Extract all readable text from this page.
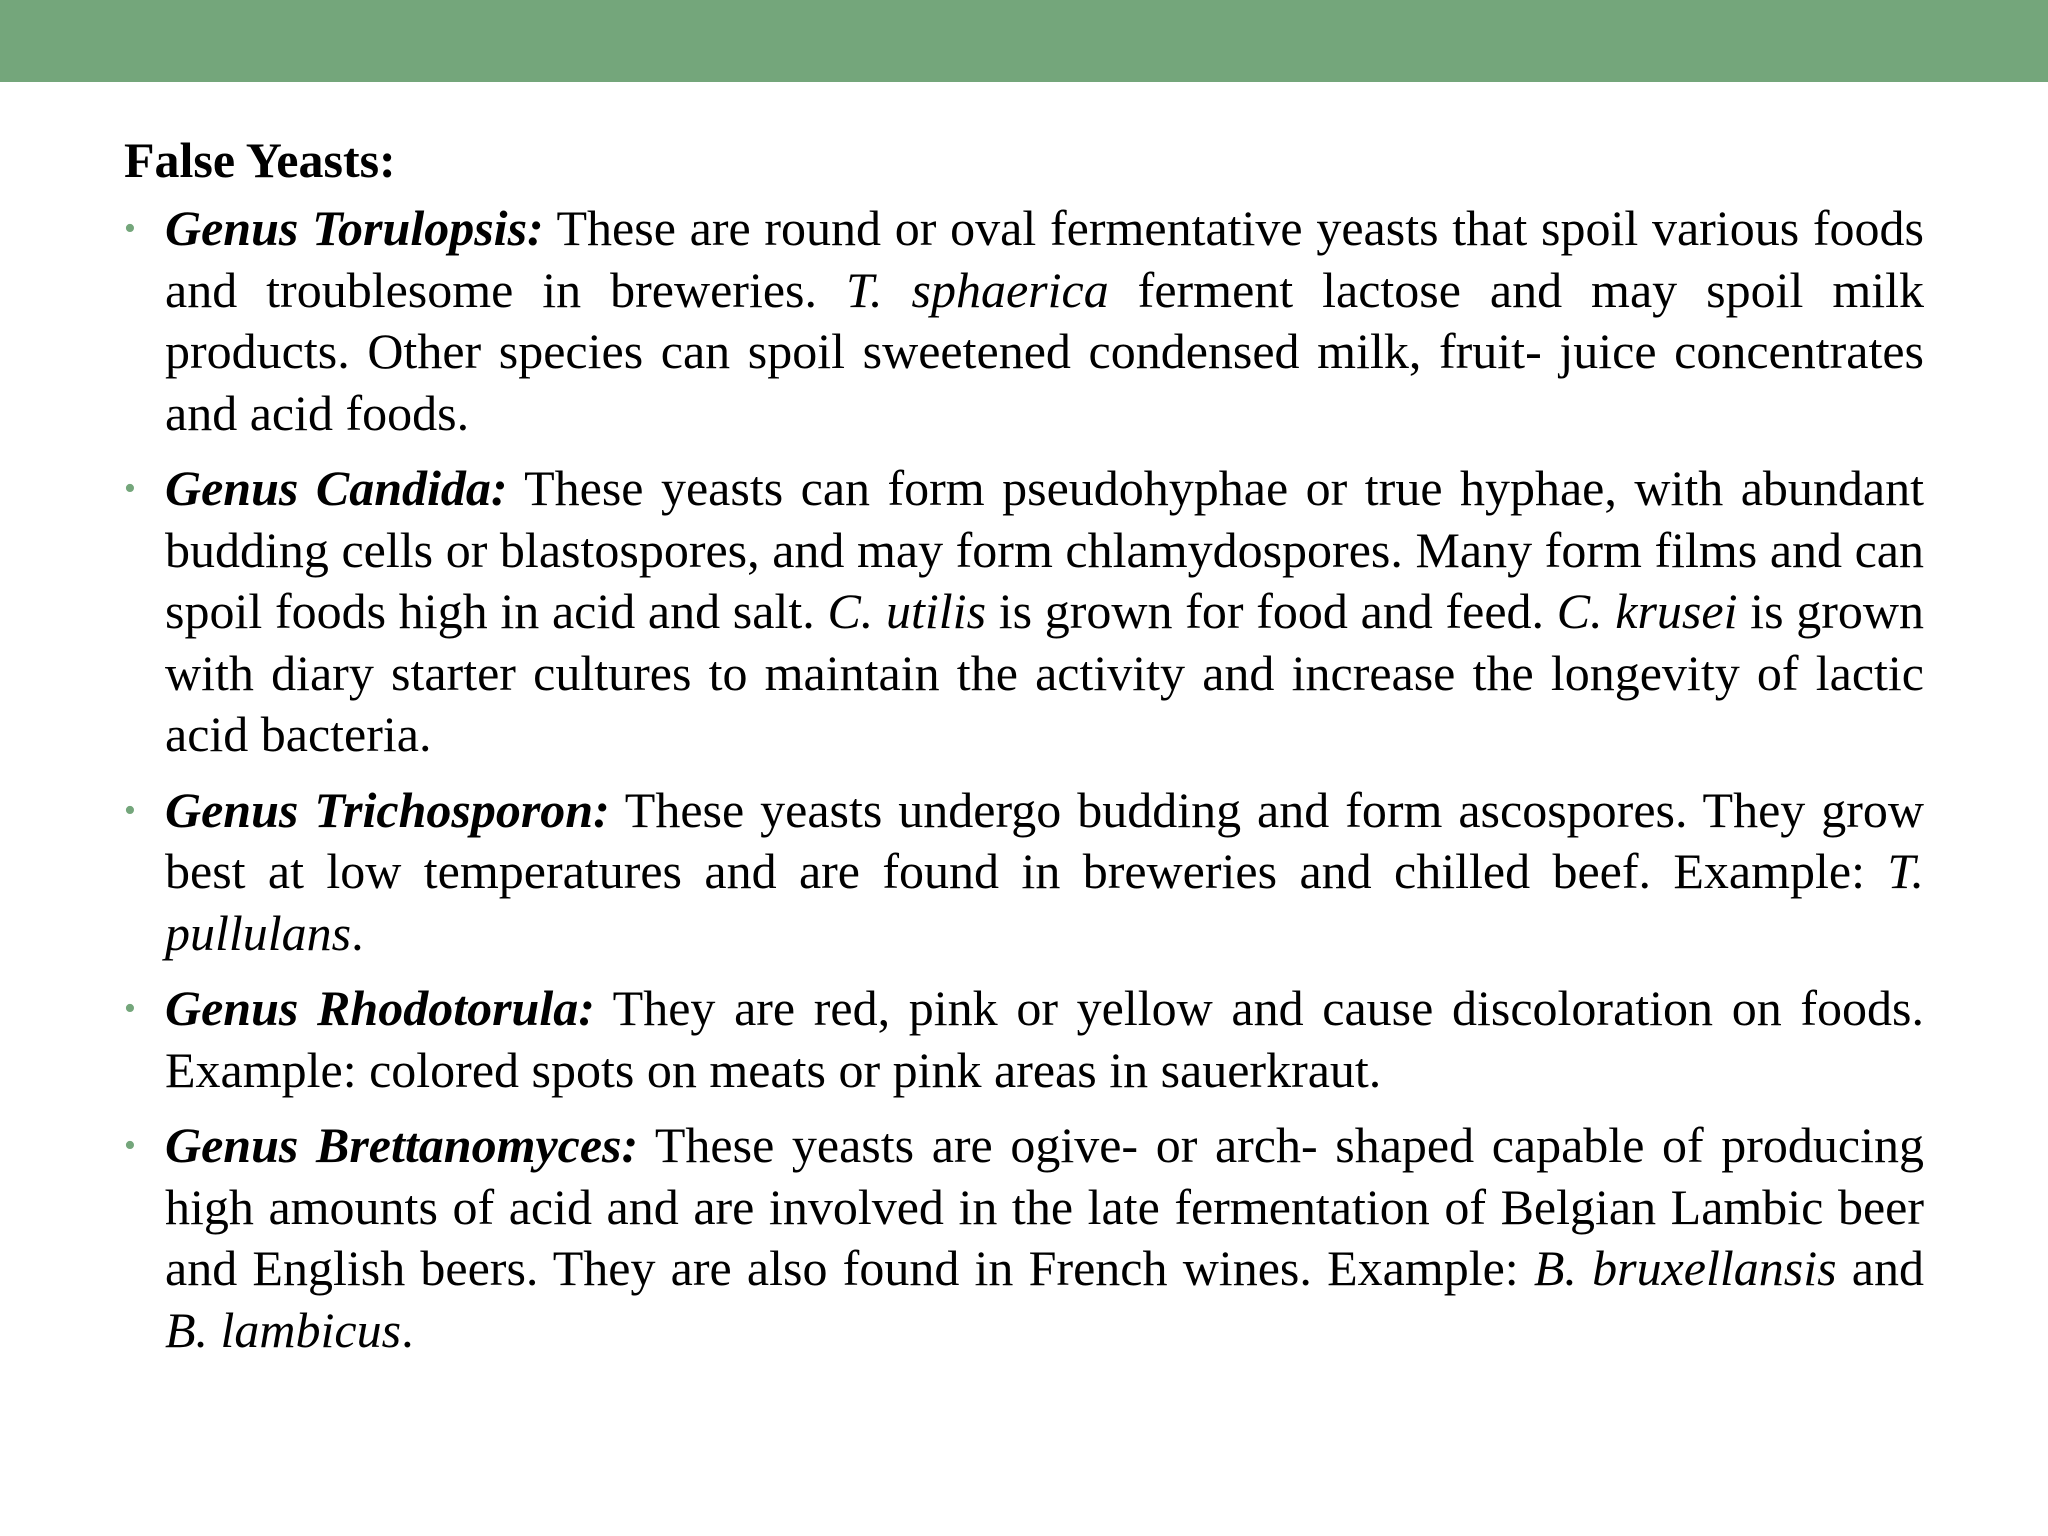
False Yeasts:
• Genus Torulopsis: These are round or oval fermentative yeasts that spoil various foods and troublesome in breweries. T. sphaerica ferment lactose and may spoil milk products. Other species can spoil sweetened condensed milk, fruit- juice concentrates and acid foods.
• Genus Candida: These yeasts can form pseudohyphae or true hyphae, with abundant budding cells or blastospores, and may form chlamydospores. Many form films and can spoil foods high in acid and salt. C. utilis is grown for food and feed. C. krusei is grown with diary starter cultures to maintain the activity and increase the longevity of lactic acid bacteria.
• Genus Trichosporon: These yeasts undergo budding and form ascospores. They grow best at low temperatures and are found in breweries and chilled beef. Example: T. pullulans.
• Genus Rhodotorula: They are red, pink or yellow and cause discoloration on foods. Example: colored spots on meats or pink areas in sauerkraut.
• Genus Brettanomyces: These yeasts are ogive- or arch- shaped capable of producing high amounts of acid and are involved in the late fermentation of Belgian Lambic beer and English beers. They are also found in French wines. Example: B. bruxellansis and B. lambicus.
